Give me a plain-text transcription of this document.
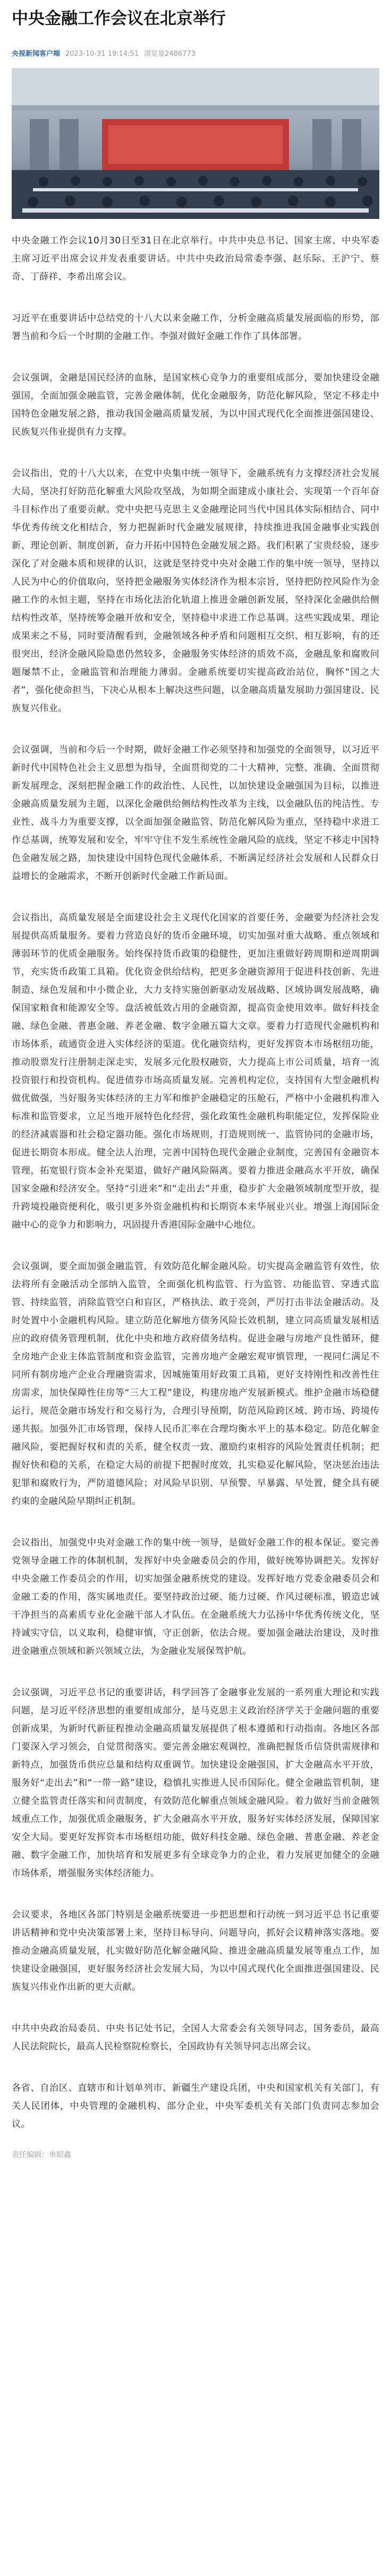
中央金融工作会议在北京举行
央视新闻客户端 2023-10-31 19:14:51 浏览量2486773

中央金融工作会议10月30日至31日在北京举行。中共中央总书记、国家主席、中央军委主席习近平出席会议并发表重要讲话。中共中央政治局常委李强、赵乐际、王沪宁、蔡奇、丁薛祥、李希出席会议。

习近平在重要讲话中总结党的十八大以来金融工作，分析金融高质量发展面临的形势，部署当前和今后一个时期的金融工作。李强对做好金融工作作了具体部署。

会议强调，金融是国民经济的血脉，是国家核心竞争力的重要组成部分，要加快建设金融强国，全面加强金融监管，完善金融体制，优化金融服务，防范化解风险，坚定不移走中国特色金融发展之路，推动我国金融高质量发展，为以中国式现代化全面推进强国建设、民族复兴伟业提供有力支撑。

会议指出，党的十八大以来，在党中央集中统一领导下，金融系统有力支撑经济社会发展大局，坚决打好防范化解重大风险攻坚战，为如期全面建成小康社会、实现第一个百年奋斗目标作出了重要贡献。党中央把马克思主义金融理论同当代中国具体实际相结合、同中华优秀传统文化相结合，努力把握新时代金融发展规律，持续推进我国金融事业实践创新、理论创新、制度创新，奋力开拓中国特色金融发展之路。我们积累了宝贵经验，逐步深化了对金融本质和规律的认识，这就是坚持党中央对金融工作的集中统一领导，坚持以人民为中心的价值取向，坚持把金融服务实体经济作为根本宗旨，坚持把防控风险作为金融工作的永恒主题，坚持在市场化法治化轨道上推进金融创新发展，坚持深化金融供给侧结构性改革，坚持统筹金融开放和安全，坚持稳中求进工作总基调。这些实践成果、理论成果来之不易，同时要清醒看到，金融领域各种矛盾和问题相互交织、相互影响，有的还很突出，经济金融风险隐患仍然较多，金融服务实体经济的质效不高，金融乱象和腐败问题屡禁不止，金融监管和治理能力薄弱。金融系统要切实提高政治站位，胸怀“国之大者”，强化使命担当，下决心从根本上解决这些问题，以金融高质量发展助力强国建设、民族复兴伟业。

会议强调，当前和今后一个时期，做好金融工作必须坚持和加强党的全面领导，以习近平新时代中国特色社会主义思想为指导，全面贯彻党的二十大精神，完整、准确、全面贯彻新发展理念，深刻把握金融工作的政治性、人民性，以加快建设金融强国为目标，以推进金融高质量发展为主题，以深化金融供给侧结构性改革为主线，以金融队伍的纯洁性、专业性、战斗力为重要支撑，以全面加强金融监管、防范化解风险为重点，坚持稳中求进工作总基调，统筹发展和安全，牢牢守住不发生系统性金融风险的底线，坚定不移走中国特色金融发展之路，加快建设中国特色现代金融体系，不断满足经济社会发展和人民群众日益增长的金融需求，不断开创新时代金融工作新局面。

会议指出，高质量发展是全面建设社会主义现代化国家的首要任务，金融要为经济社会发展提供高质量服务。要着力营造良好的货币金融环境，切实加强对重大战略、重点领域和薄弱环节的优质金融服务。始终保持货币政策的稳健性，更加注重做好跨周期和逆周期调节，充实货币政策工具箱。优化资金供给结构，把更多金融资源用于促进科技创新、先进制造、绿色发展和中小微企业，大力支持实施创新驱动发展战略、区域协调发展战略，确保国家粮食和能源安全等。盘活被低效占用的金融资源，提高资金使用效率。做好科技金融、绿色金融、普惠金融、养老金融、数字金融五篇大文章。要着力打造现代金融机构和市场体系，疏通资金进入实体经济的渠道。优化融资结构，更好发挥资本市场枢纽功能，推动股票发行注册制走深走实，发展多元化股权融资，大力提高上市公司质量，培育一流投资银行和投资机构。促进债券市场高质量发展。完善机构定位，支持国有大型金融机构做优做强，当好服务实体经济的主力军和维护金融稳定的压舱石，严格中小金融机构准入标准和监管要求，立足当地开展特色化经营，强化政策性金融机构职能定位，发挥保险业的经济减震器和社会稳定器功能。强化市场规则，打造规则统一、监管协同的金融市场，促进长期资本形成。健全法人治理，完善中国特色现代金融企业制度，完善国有金融资本管理，拓宽银行资本金补充渠道，做好产融风险隔离。要着力推进金融高水平开放，确保国家金融和经济安全。坚持“引进来”和“走出去”并重，稳步扩大金融领域制度型开放，提升跨境投融资便利化，吸引更多外资金融机构和长期资本来华展业兴业。增强上海国际金融中心的竞争力和影响力，巩固提升香港国际金融中心地位。

会议强调，要全面加强金融监管，有效防范化解金融风险。切实提高金融监管有效性，依法将所有金融活动全部纳入监管，全面强化机构监管、行为监管、功能监管、穿透式监管、持续监管，消除监管空白和盲区，严格执法、敢于亮剑，严厉打击非法金融活动。及时处置中小金融机构风险。建立防范化解地方债务风险长效机制，建立同高质量发展相适应的政府债务管理机制，优化中央和地方政府债务结构。促进金融与房地产良性循环，健全房地产企业主体监管制度和资金监管，完善房地产金融宏观审慎管理，一视同仁满足不同所有制房地产企业合理融资需求，因城施策用好政策工具箱，更好支持刚性和改善性住房需求，加快保障性住房等“三大工程”建设，构建房地产发展新模式。维护金融市场稳健运行，规范金融市场发行和交易行为，合理引导预期，防范风险跨区域、跨市场、跨境传递共振。加强外汇市场管理，保持人民币汇率在合理均衡水平上的基本稳定。防范化解金融风险，要把握好权和责的关系，健全权责一致、激励约束相容的风险处置责任机制；把握好快和稳的关系，在稳定大局的前提下把握时度效，扎实稳妥化解风险，坚决惩治违法犯罪和腐败行为，严防道德风险；对风险早识别、早预警、早暴露、早处置，健全具有硬约束的金融风险早期纠正机制。

会议指出，加强党中央对金融工作的集中统一领导，是做好金融工作的根本保证。要完善党领导金融工作的体制机制，发挥好中央金融委员会的作用，做好统筹协调把关。发挥好中央金融工作委员会的作用，切实加强金融系统党的建设。发挥好地方党委金融委员会和金融工委的作用，落实属地责任。要坚持政治过硬、能力过硬、作风过硬标准，锻造忠诚干净担当的高素质专业化金融干部人才队伍。在金融系统大力弘扬中华优秀传统文化，坚持诚实守信，以义取利，稳健审慎，守正创新，依法合规。要加强金融法治建设，及时推进金融重点领域和新兴领域立法，为金融业发展保驾护航。

会议强调，习近平总书记的重要讲话，科学回答了金融事业发展的一系列重大理论和实践问题，是习近平经济思想的重要组成部分，是马克思主义政治经济学关于金融问题的重要创新成果，为新时代新征程推动金融高质量发展提供了根本遵循和行动指南。各地区各部门要深入学习领会，自觉贯彻落实。要完善金融宏观调控，准确把握货币信贷供需规律和新特点，加强货币供应总量和结构双重调节。加快建设金融强国，扩大金融高水平开放，服务好“走出去”和“一带一路”建设，稳慎扎实推进人民币国际化。健全金融监管机制，建立健全监管责任落实和问责制度，有效防范化解重点领域金融风险。着力做好当前金融领域重点工作，加强优质金融服务，扩大金融高水平开放，服务好实体经济发展，保障国家安全大局。要更好发挥资本市场枢纽功能，做好科技金融、绿色金融、普惠金融、养老金融、数字金融工作，加快培育和发展更多有全球竞争力的企业，着力发展更加健全的金融市场体系，增强服务实体经济能力。

会议要求，各地区各部门特别是金融系统要进一步把思想和行动统一到习近平总书记重要讲话精神和党中央决策部署上来，坚持目标导向、问题导向，抓好会议精神落实落地。要推动金融高质量发展，扎实做好防范化解金融风险、推进金融高质量发展等重点工作，加快建设金融强国，更好服务经济社会发展大局，为以中国式现代化全面推进强国建设、民族复兴伟业作出新的更大贡献。

中共中央政治局委员、中央书记处书记，全国人大常委会有关领导同志，国务委员，最高人民法院院长，最高人民检察院检察长，全国政协有关领导同志出席会议。

各省、自治区、直辖市和计划单列市、新疆生产建设兵团，中央和国家机关有关部门，有关人民团体，中央管理的金融机构、部分企业，中央军委机关有关部门负责同志参加会议。

责任编辑：单昭鑫
